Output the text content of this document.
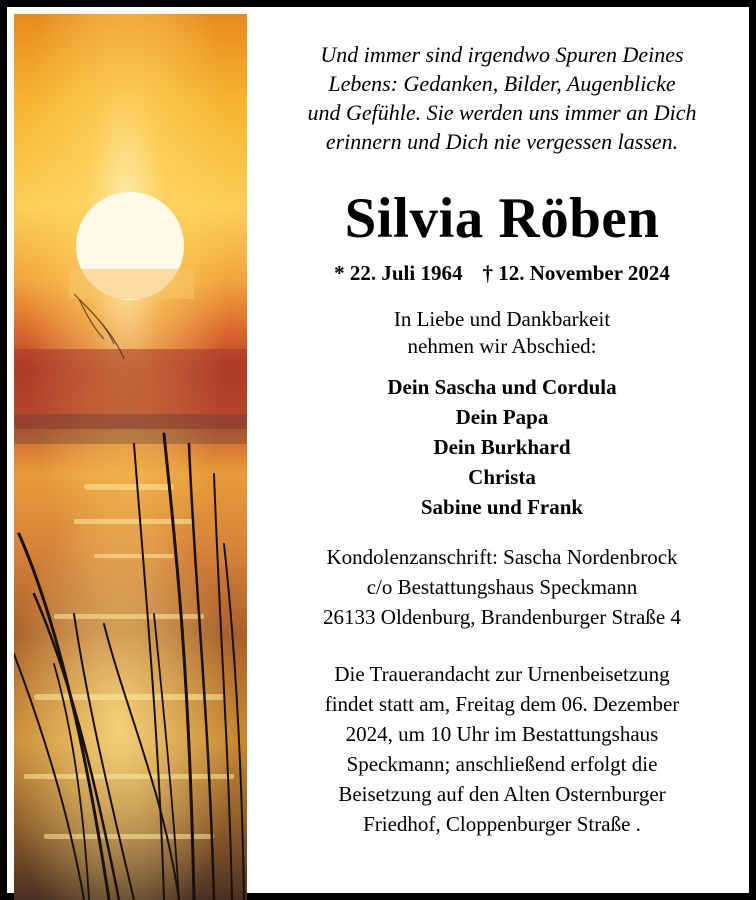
Und immer sind irgendwo Spuren Deines
Lebens: Gedanken, Bilder, Augenblicke
und Gefühle. Sie werden uns immer an Dich
erinnern und Dich nie vergessen lassen.
Silvia Röben
* 22. Juli 1964 † 12. November 2024
In Liebe und Dankbarkeit
nehmen wir Abschied:
Dein Sascha und Cordula
Dein Papa
Dein Burkhard
Christa
Sabine und Frank
Kondolenzanschrift: Sascha Nordenbrock
c/o Bestattungshaus Speckmann
26133 Oldenburg, Brandenburger Straße 4
Die Trauerandacht zur Urnenbeisetzung
findet statt am, Freitag dem 06. Dezember
2024, um 10 Uhr im Bestattungshaus
Speckmann; anschließend erfolgt die
Beisetzung auf den Alten Osternburger
Friedhof, Cloppenburger Straße .
